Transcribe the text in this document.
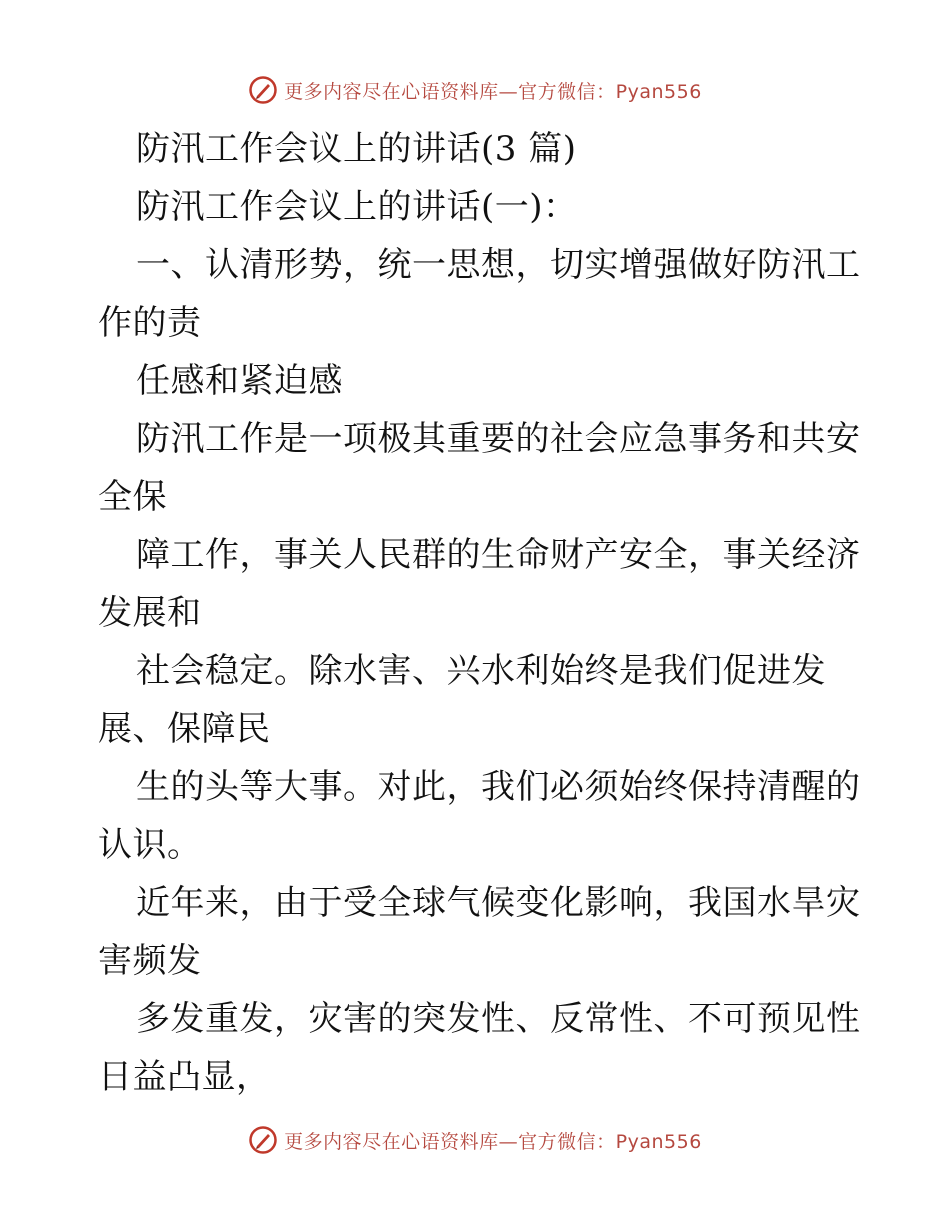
更多内容尽在心语资料库—官方微信：Pyan556
防汛工作会议上的讲话(3 篇)
防汛工作会议上的讲话(一)：
一、认清形势，统一思想，切实增强做好防汛工
作的责
任感和紧迫感
防汛工作是一项极其重要的社会应急事务和共安
全保
障工作，事关人民群的生命财产安全，事关经济
发展和
社会稳定。除水害、兴水利始终是我们促进发
展、保障民
生的头等大事。对此，我们必须始终保持清醒的
认识。
近年来，由于受全球气候变化影响，我国水旱灾
害频发
多发重发，灾害的突发性、反常性、不可预见性
日益凸显，
更多内容尽在心语资料库—官方微信：Pyan556
